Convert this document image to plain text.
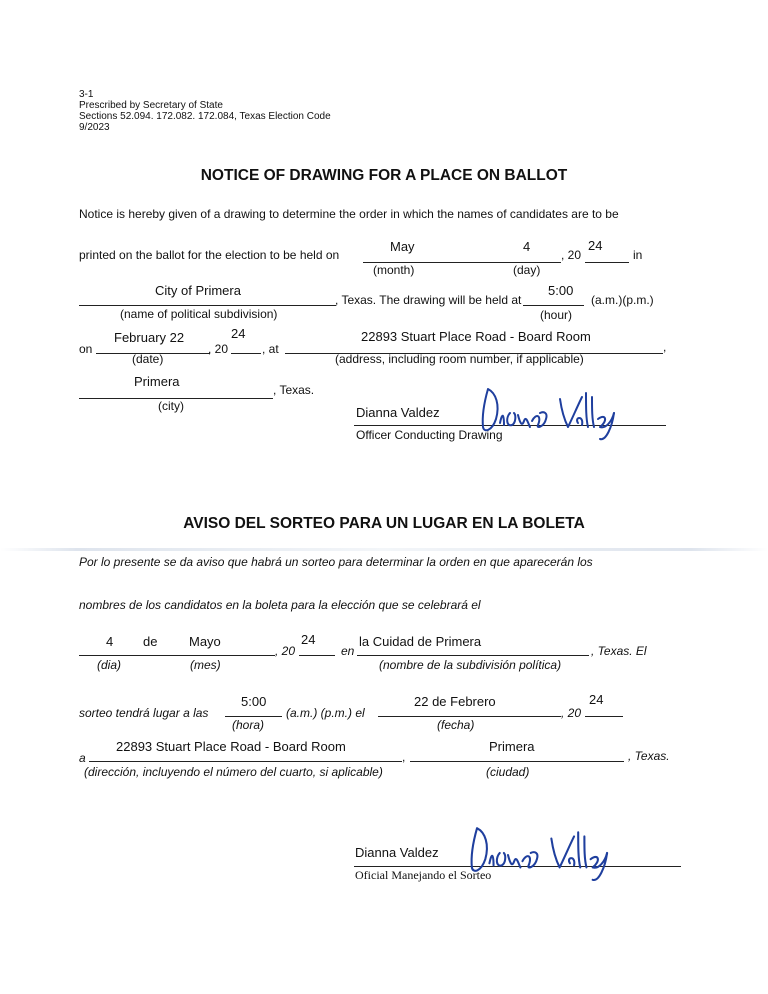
3-1
Prescribed by Secretary of State
Sections 52.094. 172.082. 172.084, Texas Election Code
9/2023
NOTICE OF DRAWING FOR A PLACE ON BALLOT
Notice is hereby given of a drawing to determine the order in which the names of candidates are to be
printed on the ballot for the election to be held on
May	4
, 20
24
in
(month)	(day)
City of Primera
, Texas. The drawing will be held at
5:00
(a.m.)(p.m.)
(name of political subdivision)	(hour)
on
February 22
, 20
24
, at
22893 Stuart Place Road - Board Room
,
(date)	(address, including room number, if applicable)
Primera
, Texas.
(city)	Dianna Valdez
Officer Conducting Drawing
AVISO DEL SORTEO PARA UN LUGAR EN LA BOLETA
Por lo presente se da aviso que habrá un sorteo para determinar la orden en que aparecerán los
nombres de los candidatos en la boleta para la elección que se celebrará el
4 de Mayo
, 20
24
en
la Cuidad de Primera
, Texas. El
(dia)	(mes)	(nombre de la subdivisión política)
sorteo tendrá lugar a las
5:00
(a.m.) (p.m.) el
22 de Febrero
, 20
24
(hora)	(fecha)
a
22893 Stuart Place Road - Board Room
,
Primera
, Texas.
(dirección, incluyendo el número del cuarto, si aplicable)	(ciudad)
Dianna Valdez
Oficial Manejando el Sorteo
